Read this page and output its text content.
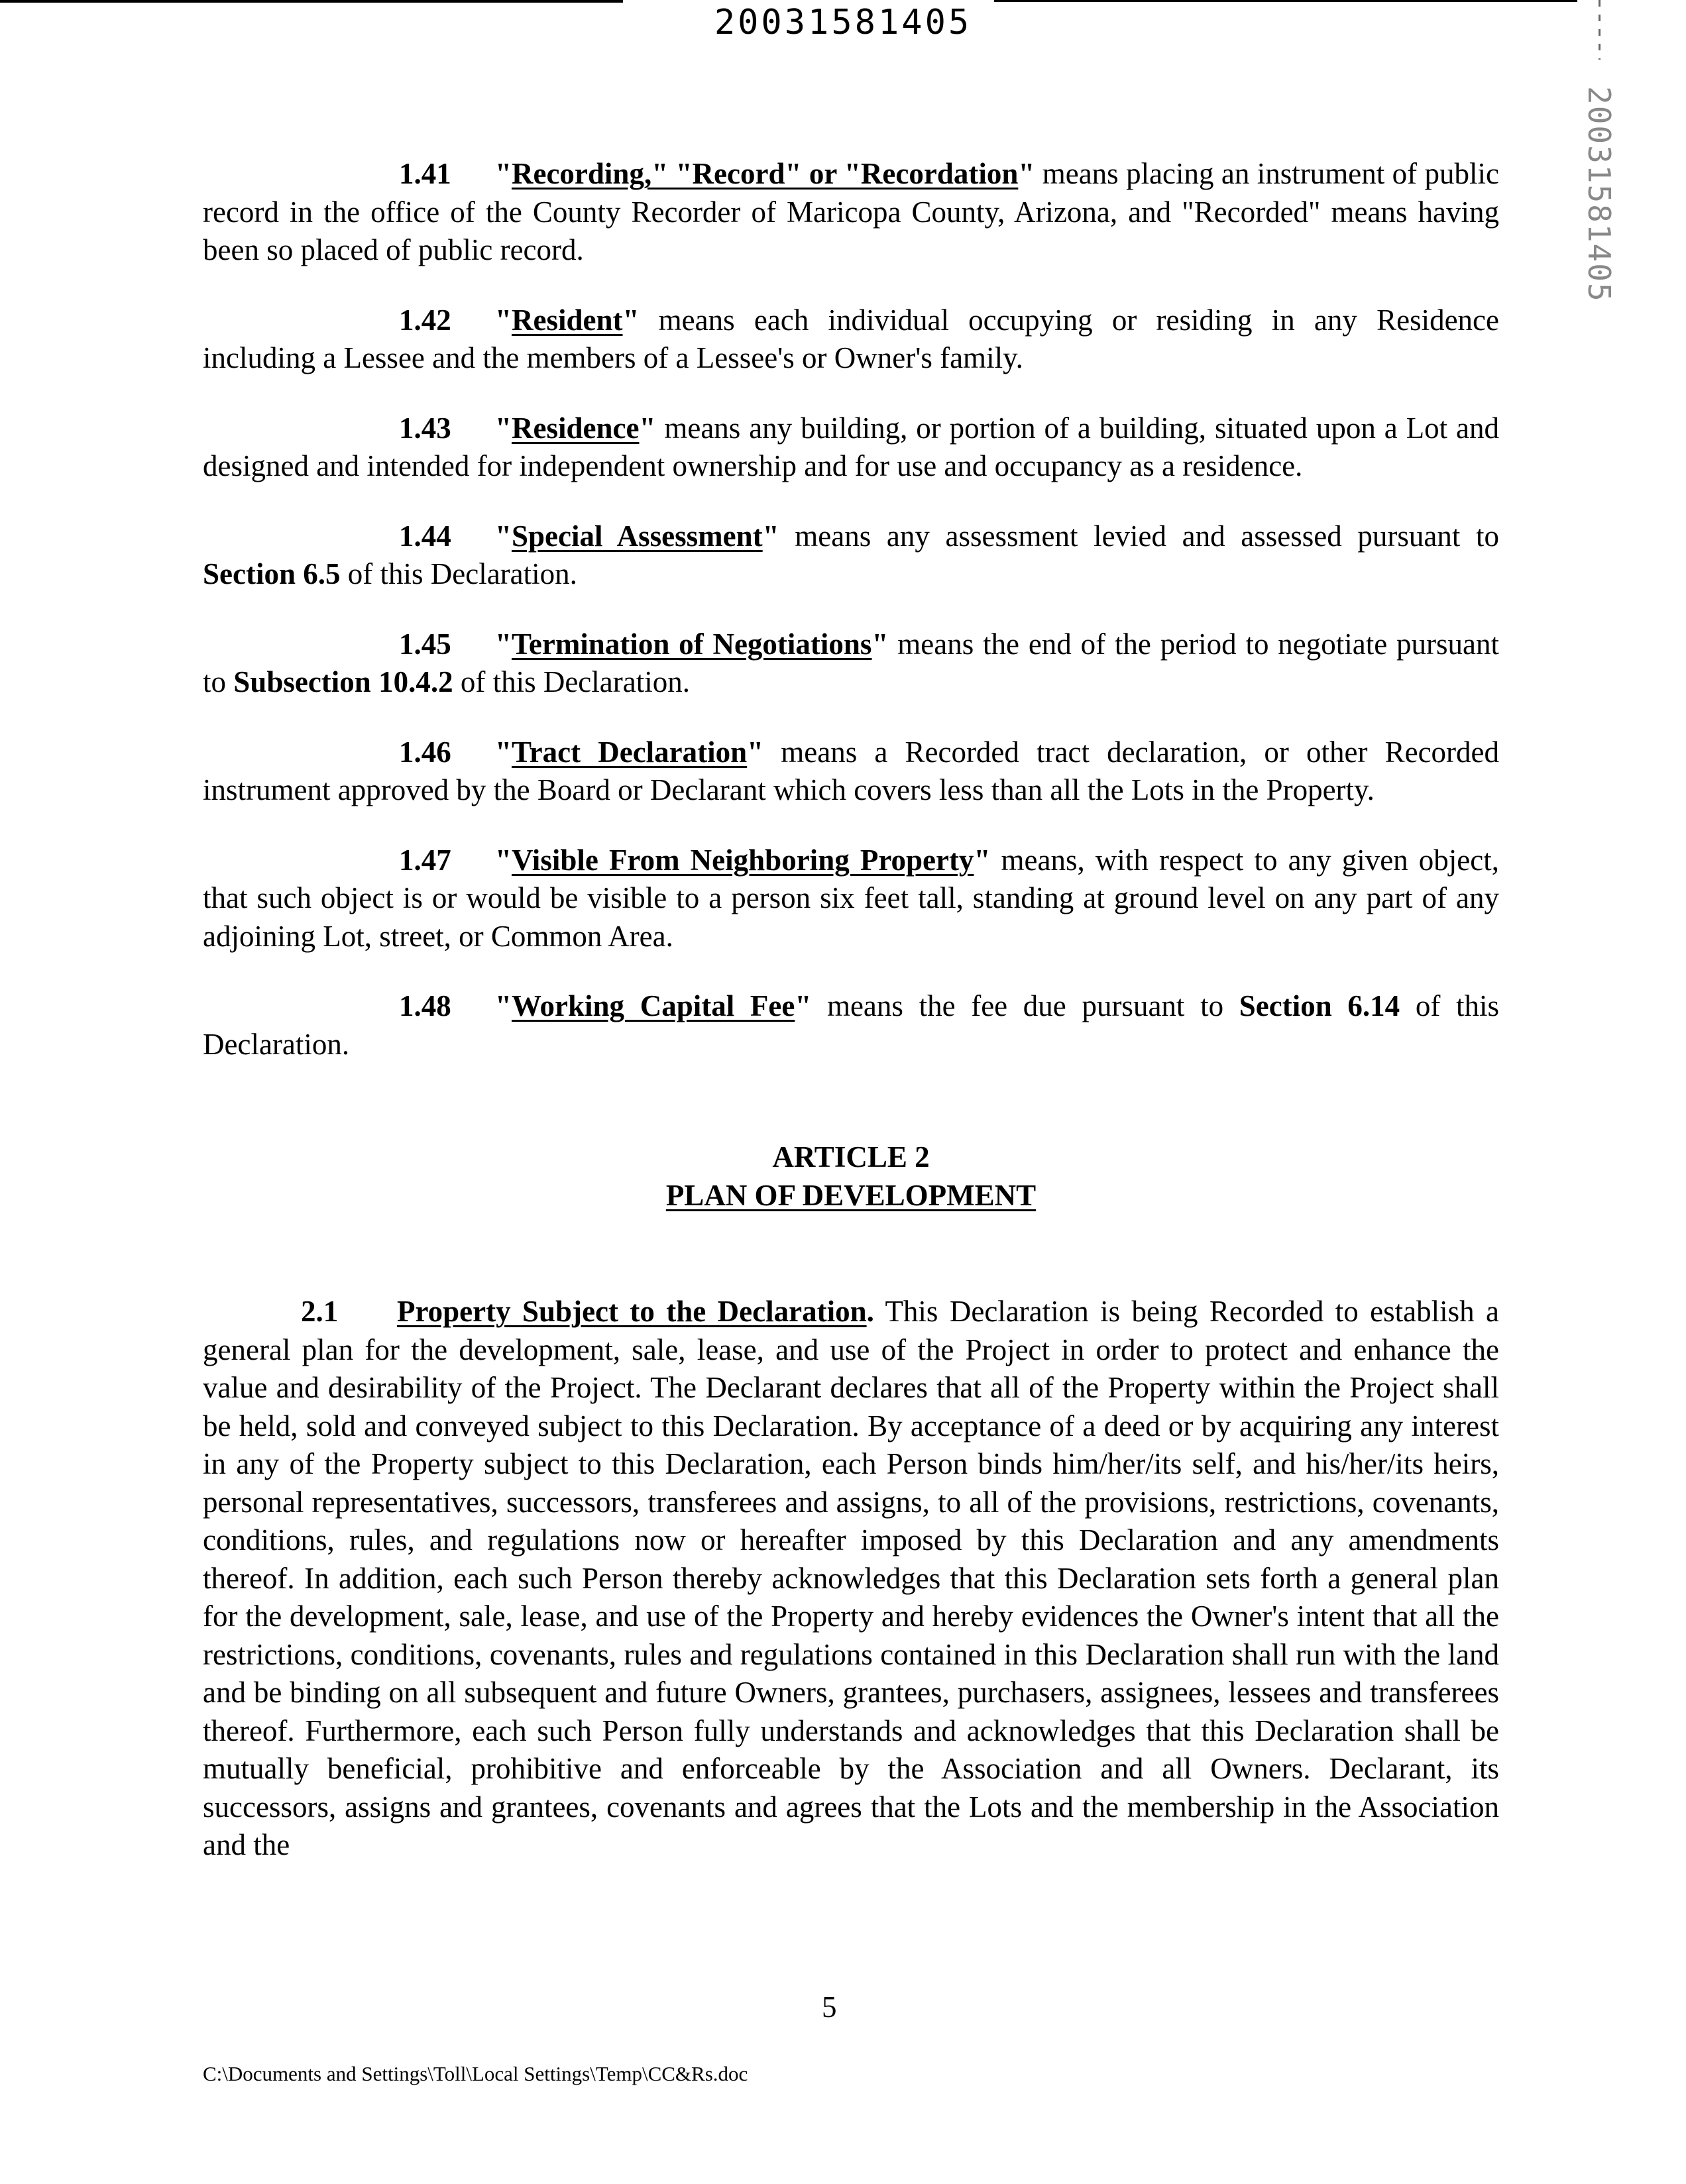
20031581405
20031581405

1.41 "Recording," "Record" or "Recordation" means placing an instrument of public record in the office of the County Recorder of Maricopa County, Arizona, and "Recorded" means having been so placed of public record.

1.42 "Resident" means each individual occupying or residing in any Residence including a Lessee and the members of a Lessee's or Owner's family.

1.43 "Residence" means any building, or portion of a building, situated upon a Lot and designed and intended for independent ownership and for use and occupancy as a residence.

1.44 "Special Assessment" means any assessment levied and assessed pursuant to Section 6.5 of this Declaration.

1.45 "Termination of Negotiations" means the end of the period to negotiate pursuant to Subsection 10.4.2 of this Declaration.

1.46 "Tract Declaration" means a Recorded tract declaration, or other Recorded instrument approved by the Board or Declarant which covers less than all the Lots in the Property.

1.47 "Visible From Neighboring Property" means, with respect to any given object, that such object is or would be visible to a person six feet tall, standing at ground level on any part of any adjoining Lot, street, or Common Area.

1.48 "Working Capital Fee" means the fee due pursuant to Section 6.14 of this Declaration.

ARTICLE 2
PLAN OF DEVELOPMENT

2.1 Property Subject to the Declaration. This Declaration is being Recorded to establish a general plan for the development, sale, lease, and use of the Project in order to protect and enhance the value and desirability of the Project. The Declarant declares that all of the Property within the Project shall be held, sold and conveyed subject to this Declaration. By acceptance of a deed or by acquiring any interest in any of the Property subject to this Declaration, each Person binds him/her/its self, and his/her/its heirs, personal representatives, successors, transferees and assigns, to all of the provisions, restrictions, covenants, conditions, rules, and regulations now or hereafter imposed by this Declaration and any amendments thereof. In addition, each such Person thereby acknowledges that this Declaration sets forth a general plan for the development, sale, lease, and use of the Property and hereby evidences the Owner's intent that all the restrictions, conditions, covenants, rules and regulations contained in this Declaration shall run with the land and be binding on all subsequent and future Owners, grantees, purchasers, assignees, lessees and transferees thereof. Furthermore, each such Person fully understands and acknowledges that this Declaration shall be mutually beneficial, prohibitive and enforceable by the Association and all Owners. Declarant, its successors, assigns and grantees, covenants and agrees that the Lots and the membership in the Association and the

5
C:\Documents and Settings\Toll\Local Settings\Temp\CC&Rs.doc
